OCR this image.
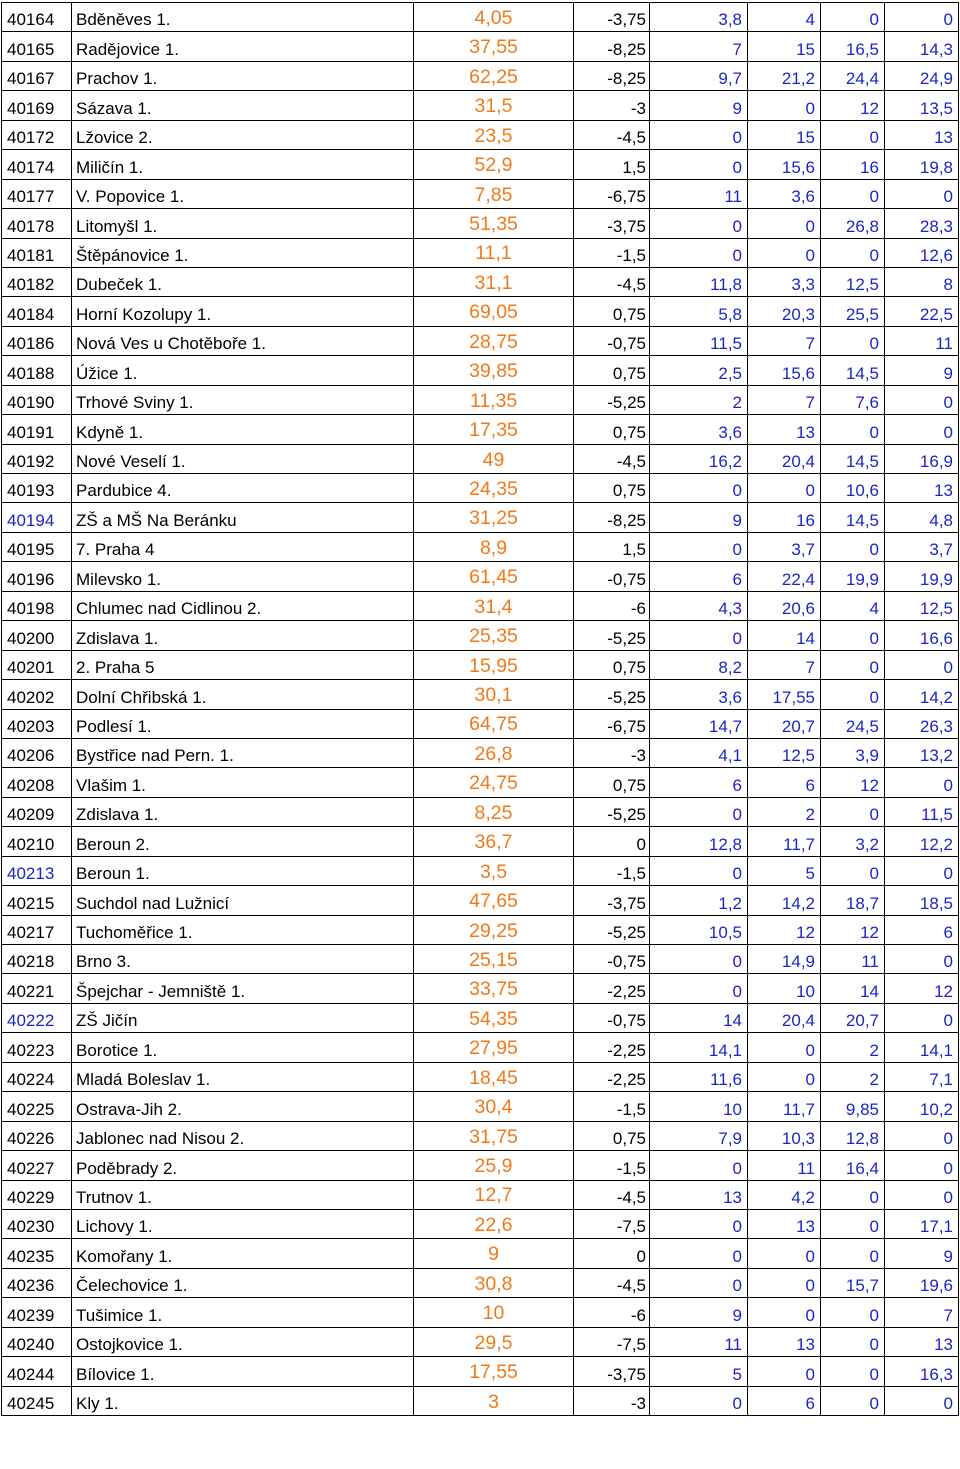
40164	Bděněves 1.	4,05	-3,75	3,8	4	0	0
40165	Radějovice 1.	37,55	-8,25	7	15	16,5	14,3
40167	Prachov 1.	62,25	-8,25	9,7	21,2	24,4	24,9
40169	Sázava 1.	31,5	-3	9	0	12	13,5
40172	Lžovice 2.	23,5	-4,5	0	15	0	13
40174	Miličín 1.	52,9	1,5	0	15,6	16	19,8
40177	V. Popovice 1.	7,85	-6,75	11	3,6	0	0
40178	Litomyšl 1.	51,35	-3,75	0	0	26,8	28,3
40181	Štěpánovice 1.	11,1	-1,5	0	0	0	12,6
40182	Dubeček 1.	31,1	-4,5	11,8	3,3	12,5	8
40184	Horní Kozolupy 1.	69,05	0,75	5,8	20,3	25,5	22,5
40186	Nová Ves u Chotěboře 1.	28,75	-0,75	11,5	7	0	11
40188	Úžice 1.	39,85	0,75	2,5	15,6	14,5	9
40190	Trhové Sviny 1.	11,35	-5,25	2	7	7,6	0
40191	Kdyně 1.	17,35	0,75	3,6	13	0	0
40192	Nové Veselí 1.	49	-4,5	16,2	20,4	14,5	16,9
40193	Pardubice 4.	24,35	0,75	0	0	10,6	13
40194	ZŠ a MŠ Na Beránku	31,25	-8,25	9	16	14,5	4,8
40195	7. Praha 4	8,9	1,5	0	3,7	0	3,7
40196	Milevsko 1.	61,45	-0,75	6	22,4	19,9	19,9
40198	Chlumec nad Cidlinou 2.	31,4	-6	4,3	20,6	4	12,5
40200	Zdislava 1.	25,35	-5,25	0	14	0	16,6
40201	2. Praha 5	15,95	0,75	8,2	7	0	0
40202	Dolní Chřibská 1.	30,1	-5,25	3,6	17,55	0	14,2
40203	Podlesí 1.	64,75	-6,75	14,7	20,7	24,5	26,3
40206	Bystřice nad Pern. 1.	26,8	-3	4,1	12,5	3,9	13,2
40208	Vlašim 1.	24,75	0,75	6	6	12	0
40209	Zdislava 1.	8,25	-5,25	0	2	0	11,5
40210	Beroun 2.	36,7	0	12,8	11,7	3,2	12,2
40213	Beroun 1.	3,5	-1,5	0	5	0	0
40215	Suchdol nad Lužnicí	47,65	-3,75	1,2	14,2	18,7	18,5
40217	Tuchoměřice 1.	29,25	-5,25	10,5	12	12	6
40218	Brno 3.	25,15	-0,75	0	14,9	11	0
40221	Špejchar - Jemniště 1.	33,75	-2,25	0	10	14	12
40222	ZŠ Jičín	54,35	-0,75	14	20,4	20,7	0
40223	Borotice 1.	27,95	-2,25	14,1	0	2	14,1
40224	Mladá Boleslav 1.	18,45	-2,25	11,6	0	2	7,1
40225	Ostrava-Jih 2.	30,4	-1,5	10	11,7	9,85	10,2
40226	Jablonec nad Nisou 2.	31,75	0,75	7,9	10,3	12,8	0
40227	Poděbrady 2.	25,9	-1,5	0	11	16,4	0
40229	Trutnov 1.	12,7	-4,5	13	4,2	0	0
40230	Lichovy 1.	22,6	-7,5	0	13	0	17,1
40235	Komořany 1.	9	0	0	0	0	9
40236	Čelechovice 1.	30,8	-4,5	0	0	15,7	19,6
40239	Tušimice 1.	10	-6	9	0	0	7
40240	Ostojkovice 1.	29,5	-7,5	11	13	0	13
40244	Bílovice 1.	17,55	-3,75	5	0	0	16,3
40245	Kly 1.	3	-3	0	6	0	0
